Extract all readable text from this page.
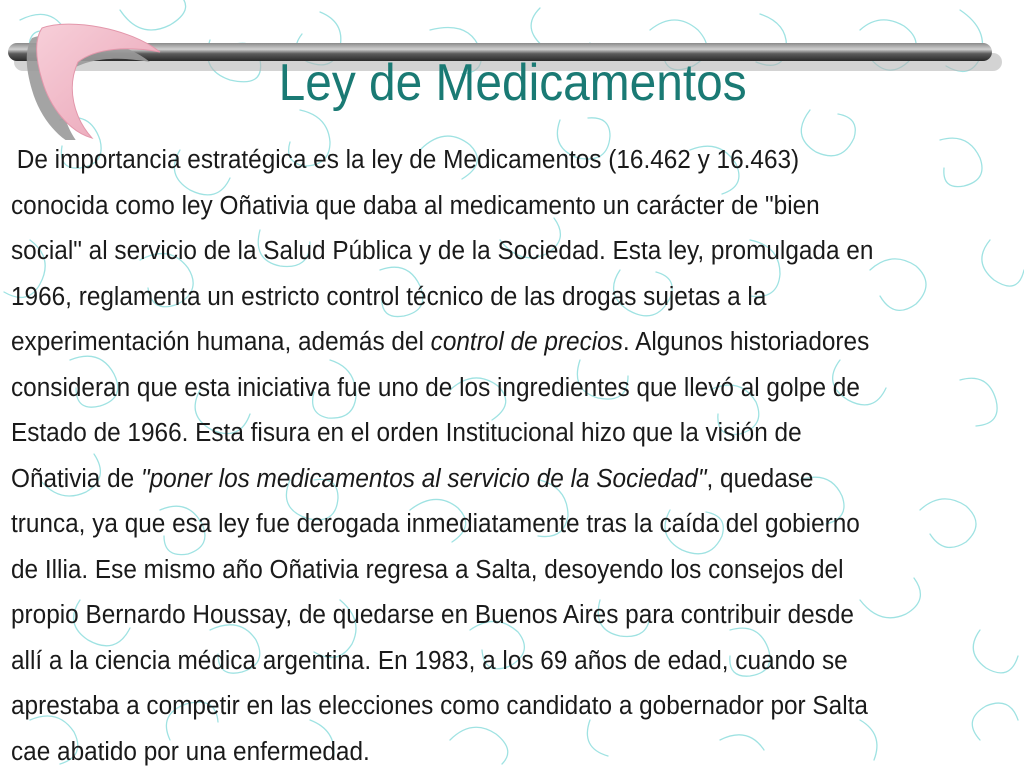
Ley de Medicamentos
De importancia estratégica es la ley de Medicamentos (16.462 y 16.463)
conocida como ley Oñativia que daba al medicamento un carácter de "bien
social" al servicio de la Salud Pública y de la Sociedad. Esta ley, promulgada en
1966, reglamenta un estricto control técnico de las drogas sujetas a la
experimentación humana, además del control de precios. Algunos historiadores
consideran que esta iniciativa fue uno de los ingredientes que llevó al golpe de
Estado de 1966. Esta fisura en el orden Institucional hizo que la visión de
Oñativia de "poner los medicamentos al servicio de la Sociedad", quedase
trunca, ya que esa ley fue derogada inmediatamente tras la caída del gobierno
de Illia. Ese mismo año Oñativia regresa a Salta, desoyendo los consejos del
propio Bernardo Houssay, de quedarse en Buenos Aires para contribuir desde
allí a la ciencia médica argentina. En 1983, a los 69 años de edad, cuando se
aprestaba a competir en las elecciones como candidato a gobernador por Salta
cae abatido por una enfermedad.
